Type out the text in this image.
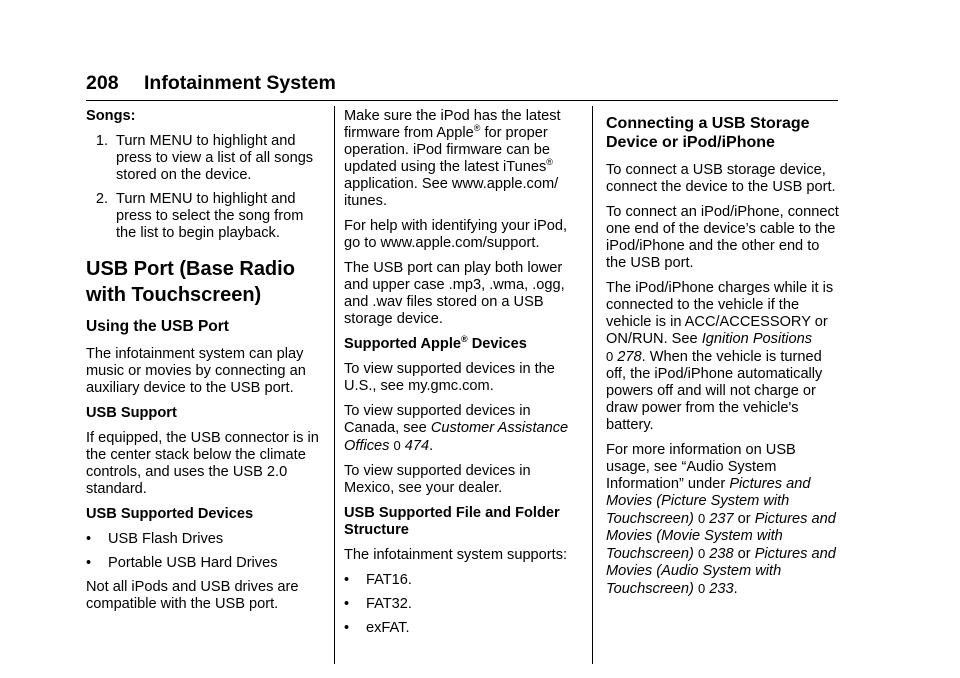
208 Infotainment System

Songs:

1. Turn MENU to highlight and press to view a list of all songs stored on the device.
2. Turn MENU to highlight and press to select the song from the list to begin playback.
USB Port (Base Radio with Touchscreen)
Using the USB Port

The infotainment system can play music or movies by connecting an auxiliary device to the USB port.

USB Support

If equipped, the USB connector is in the center stack below the climate controls, and uses the USB 2.0 standard.

USB Supported Devices

•	USB Flash Drives
•	Portable USB Hard Drives

Not all iPods and USB drives are compatible with the USB port.

Make sure the iPod has the latest firmware from Apple® for proper operation. iPod firmware can be updated using the latest iTunes® application. See www.apple.com/ itunes.

For help with identifying your iPod, go to www.apple.com/support.

The USB port can play both lower and upper case .mp3, .wma, .ogg, and .wav files stored on a USB storage device.

Supported Apple® Devices

To view supported devices in the U.S., see my.gmc.com.

To view supported devices in Canada, see Customer Assistance Offices 0 474.

To view supported devices in Mexico, see your dealer.

USB Supported File and Folder Structure

The infotainment system supports:

•	FAT16.
•	FAT32.
•	exFAT.
Connecting a USB Storage Device or iPod/iPhone

To connect a USB storage device, connect the device to the USB port.

To connect an iPod/iPhone, connect one end of the device’s cable to the iPod/iPhone and the other end to the USB port.

The iPod/iPhone charges while it is connected to the vehicle if the vehicle is in ACC/ACCESSORY or ON/RUN. See Ignition Positions
0 278. When the vehicle is turned off, the iPod/iPhone automatically powers off and will not charge or draw power from the vehicle's battery.

For more information on USB usage, see “Audio System Information” under Pictures and Movies (Picture System with Touchscreen) 0 237 or Pictures and Movies (Movie System with Touchscreen) 0 238 or Pictures and Movies (Audio System with Touchscreen) 0 233.
